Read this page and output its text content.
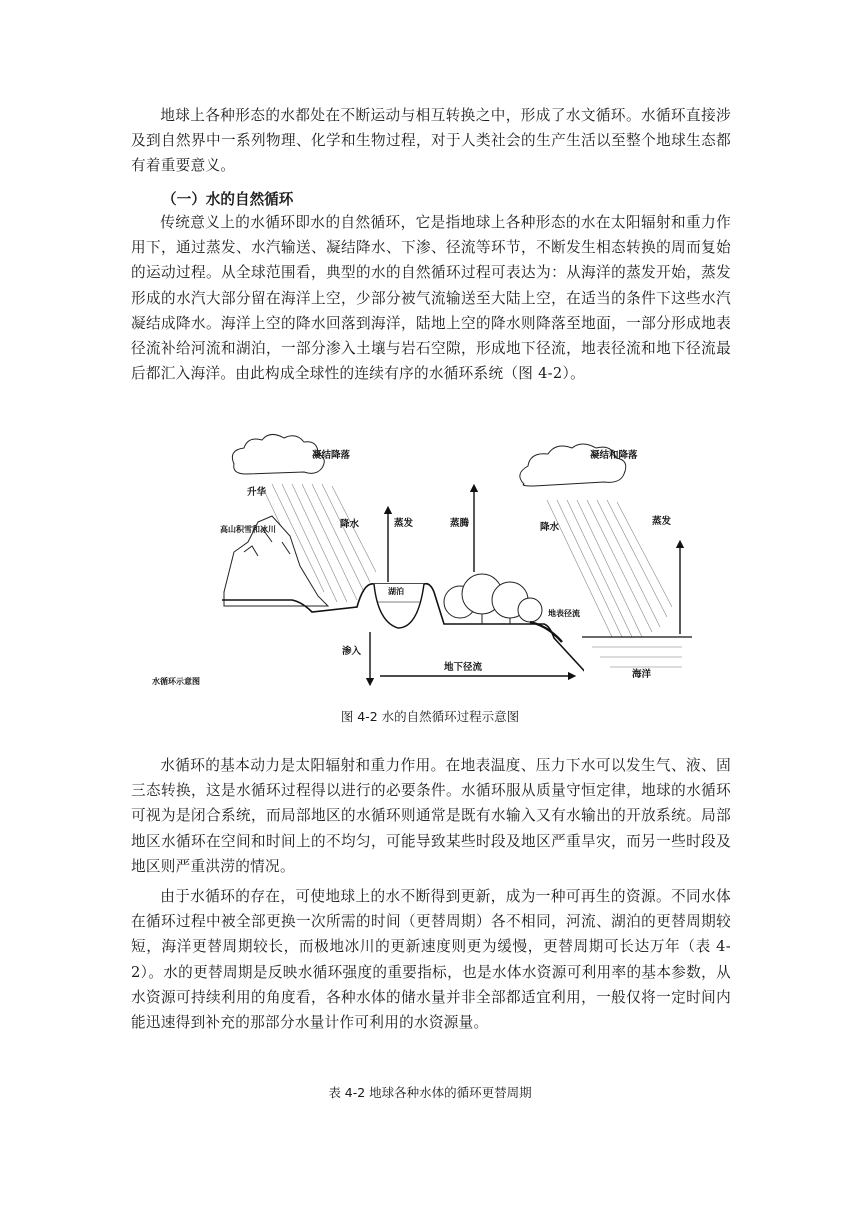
地球上各种形态的水都处在不断运动与相互转换之中，形成了水文循环。水循环直接涉及到自然界中一系列物理、化学和生物过程，对于人类社会的生产生活以至整个地球生态都有着重要意义。

（一）水的自然循环

传统意义上的水循环即水的自然循环，它是指地球上各种形态的水在太阳辐射和重力作用下，通过蒸发、水汽输送、凝结降水、下渗、径流等环节，不断发生相态转换的周而复始的运动过程。从全球范围看，典型的水的自然循环过程可表达为：从海洋的蒸发开始，蒸发形成的水汽大部分留在海洋上空，少部分被气流输送至大陆上空，在适当的条件下这些水汽凝结成降水。海洋上空的降水回落到海洋，陆地上空的降水则降落至地面，一部分形成地表径流补给河流和湖泊，一部分渗入土壤与岩石空隙，形成地下径流，地表径流和地下径流最后都汇入海洋。由此构成全球性的连续有序的水循环系统（图 4-2）。

凝结降落	凝结和降落
升华
高山积雪和冰川	降水	降水
蒸发	蒸发
蒸腾
湖泊
渗入
地表径流
地下径流
海洋
水循环示意图

图 4-2 水的自然循环过程示意图

水循环的基本动力是太阳辐射和重力作用。在地表温度、压力下水可以发生气、液、固三态转换，这是水循环过程得以进行的必要条件。水循环服从质量守恒定律，地球的水循环可视为是闭合系统，而局部地区的水循环则通常是既有水输入又有水输出的开放系统。局部地区水循环在空间和时间上的不均匀，可能导致某些时段及地区严重旱灾，而另一些时段及地区则严重洪涝的情况。

由于水循环的存在，可使地球上的水不断得到更新，成为一种可再生的资源。不同水体在循环过程中被全部更换一次所需的时间（更替周期）各不相同，河流、湖泊的更替周期较短，海洋更替周期较长，而极地冰川的更新速度则更为缓慢，更替周期可长达万年（表 4-2）。水的更替周期是反映水循环强度的重要指标，也是水体水资源可利用率的基本参数，从水资源可持续利用的角度看，各种水体的储水量并非全部都适宜利用，一般仅将一定时间内能迅速得到补充的那部分水量计作可利用的水资源量。

表 4-2 地球各种水体的循环更替周期
